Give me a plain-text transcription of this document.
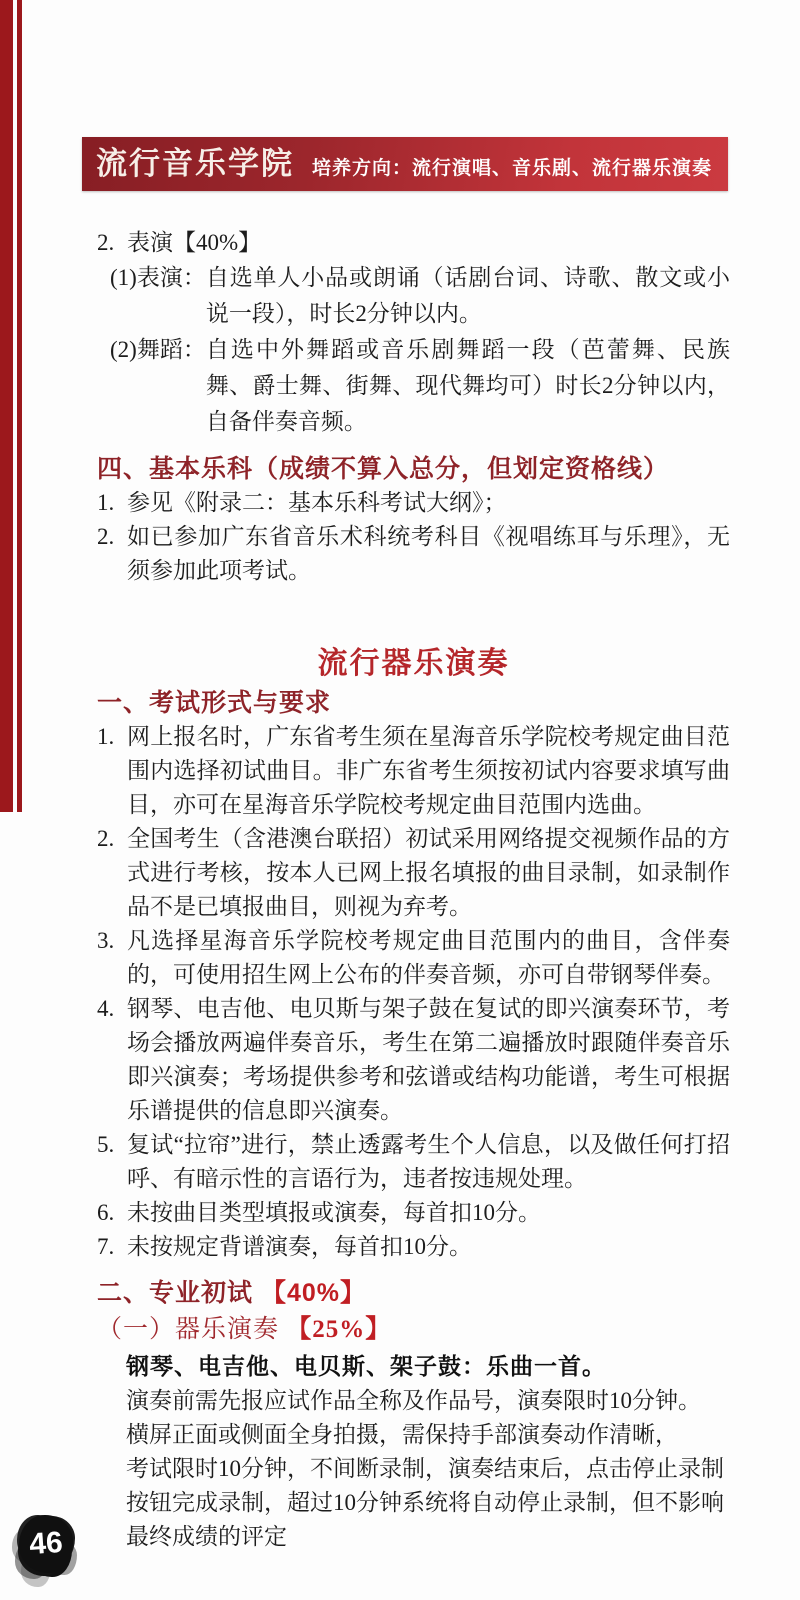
流行音乐学院 培养方向：流行演唱、音乐剧、流行器乐演奏
2. 表演【40%】
(1)表演： 自选单人小品或朗诵（话剧台词、诗歌、散文或小说一段），时长2分钟以内。
(2)舞蹈： 自选中外舞蹈或音乐剧舞蹈一段（芭蕾舞、民族舞、爵士舞、街舞、现代舞均可）时长2分钟以内，自备伴奏音频。
四、基本乐科（成绩不算入总分，但划定资格线）
1. 参见《附录二：基本乐科考试大纲》；
2. 如已参加广东省音乐术科统考科目《视唱练耳与乐理》，无须参加此项考试。
流行器乐演奏
一、考试形式与要求
1. 网上报名时，广东省考生须在星海音乐学院校考规定曲目范围内选择初试曲目。非广东省考生须按初试内容要求填写曲目，亦可在星海音乐学院校考规定曲目范围内选曲。
2. 全国考生（含港澳台联招）初试采用网络提交视频作品的方式进行考核，按本人已网上报名填报的曲目录制，如录制作品不是已填报曲目，则视为弃考。
3. 凡选择星海音乐学院校考规定曲目范围内的曲目，含伴奏的，可使用招生网上公布的伴奏音频，亦可自带钢琴伴奏。
4. 钢琴、电吉他、电贝斯与架子鼓在复试的即兴演奏环节，考场会播放两遍伴奏音乐，考生在第二遍播放时跟随伴奏音乐即兴演奏；考场提供参考和弦谱或结构功能谱，考生可根据乐谱提供的信息即兴演奏。
5. 复试“拉帘”进行，禁止透露考生个人信息，以及做任何打招呼、有暗示性的言语行为，违者按违规处理。
6. 未按曲目类型填报或演奏，每首扣10分。
7. 未按规定背谱演奏，每首扣10分。
二、专业初试 【40%】
（一）器乐演奏 【25%】
钢琴、电吉他、电贝斯、架子鼓：乐曲一首。
演奏前需先报应试作品全称及作品号，演奏限时10分钟。
横屏正面或侧面全身拍摄，需保持手部演奏动作清晰，
考试限时10分钟，不间断录制，演奏结束后，点击停止录制
按钮完成录制，超过10分钟系统将自动停止录制，但不影响
最终成绩的评定
46
